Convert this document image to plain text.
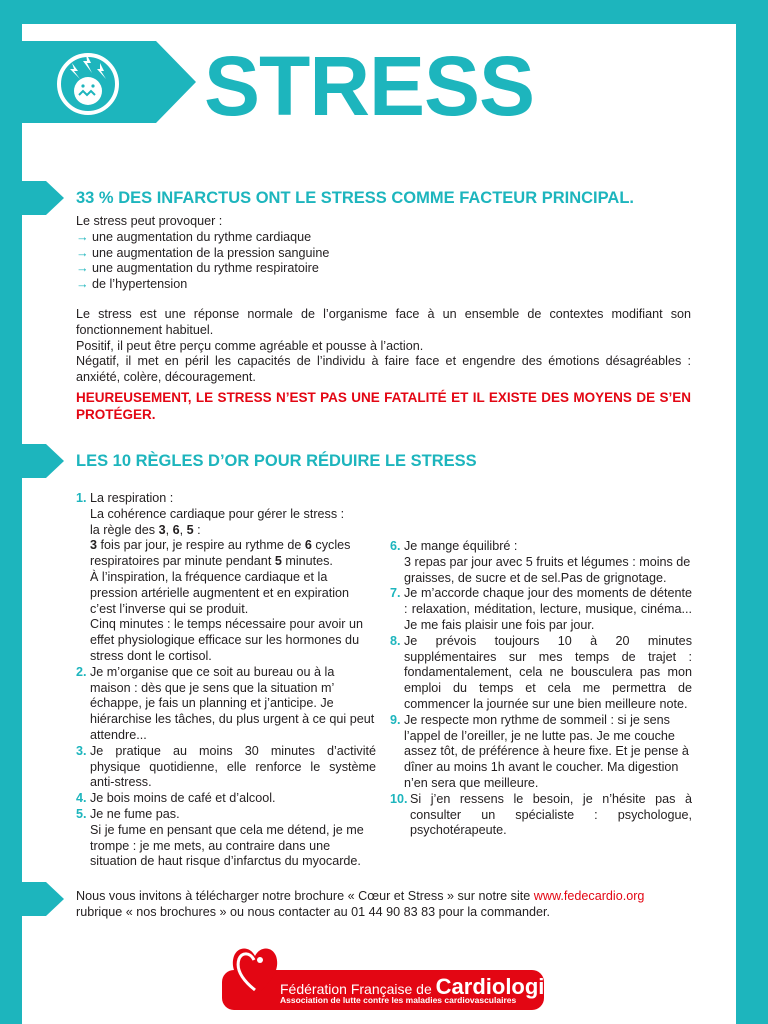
STRESS
33 % DES INFARCTUS ONT LE STRESS COMME FACTEUR PRINCIPAL.
Le stress peut provoquer :
→ une augmentation du rythme cardiaque
→ une augmentation de la pression sanguine
→ une augmentation du rythme respiratoire
→ de l’hypertension
Le stress est une réponse normale de l’organisme face à un ensemble de contextes modifiant son fonctionnement habituel.
Positif, il peut être perçu comme agréable et pousse à l’action.
Négatif, il met en péril les capacités de l’individu à faire face et engendre des émotions désagréables : anxiété, colère, découragement.
HEUREUSEMENT, LE STRESS N’EST PAS UNE FATALITÉ ET IL EXISTE DES MOYENS DE S’EN PROTÉGER.
LES 10 RÈGLES D’OR POUR RÉDUIRE LE STRESS
1. La respiration :
La cohérence cardiaque pour gérer le stress :
la règle des 3, 6, 5 :
3 fois par jour, je respire au rythme de 6 cycles respiratoires par minute pendant 5 minutes.
À l’inspiration, la fréquence cardiaque et la pression artérielle augmentent et en expiration c’est l’inverse qui se produit.
Cinq minutes : le temps nécessaire pour avoir un effet physiologique efficace sur les hormones du stress dont le cortisol.
2. Je m’organise que ce soit au bureau ou à la maison : dès que je sens que la situation m’ échappe, je fais un planning et j’anticipe. Je hiérarchise les tâches, du plus urgent à ce qui peut attendre...
3. Je pratique au moins 30 minutes d’activité physique quotidienne, elle renforce le système anti-stress.
4. Je bois moins de café et d’alcool.
5. Je ne fume pas.
Si je fume en pensant que cela me détend, je me trompe : je me mets, au contraire dans une situation de haut risque d’infarctus du myocarde.
6. Je mange équilibré :
3 repas par jour avec 5 fruits et légumes : moins de graisses, de sucre et de sel.Pas de grignotage.
7. Je m’accorde chaque jour des moments de détente : relaxation, méditation, lecture, musique, cinéma... Je me fais plaisir une fois par jour.
8. Je prévois toujours 10 à 20 minutes supplémentaires sur mes temps de trajet : fondamentalement, cela ne bousculera pas mon emploi du temps et cela me permettra de commencer la journée sur une bien meilleure note.
9. Je respecte mon rythme de sommeil : si je sens l’appel de l’oreiller, je ne lutte pas. Je me couche assez tôt, de préférence à heure fixe. Et je pense à dîner au moins 1h avant le coucher. Ma digestion n’en sera que meilleure.
10. Si j’en ressens le besoin, je n’hésite pas à consulter un spécialiste : psychologue, psychotérapeute.
Nous vous invitons à télécharger notre brochure « Cœur et Stress » sur notre site www.fedecardio.org
rubrique « nos brochures » ou nous contacter au 01 44 90 83 83 pour la commander.
Fédération Française de Cardiologie
Association de lutte contre les maladies cardiovasculaires
